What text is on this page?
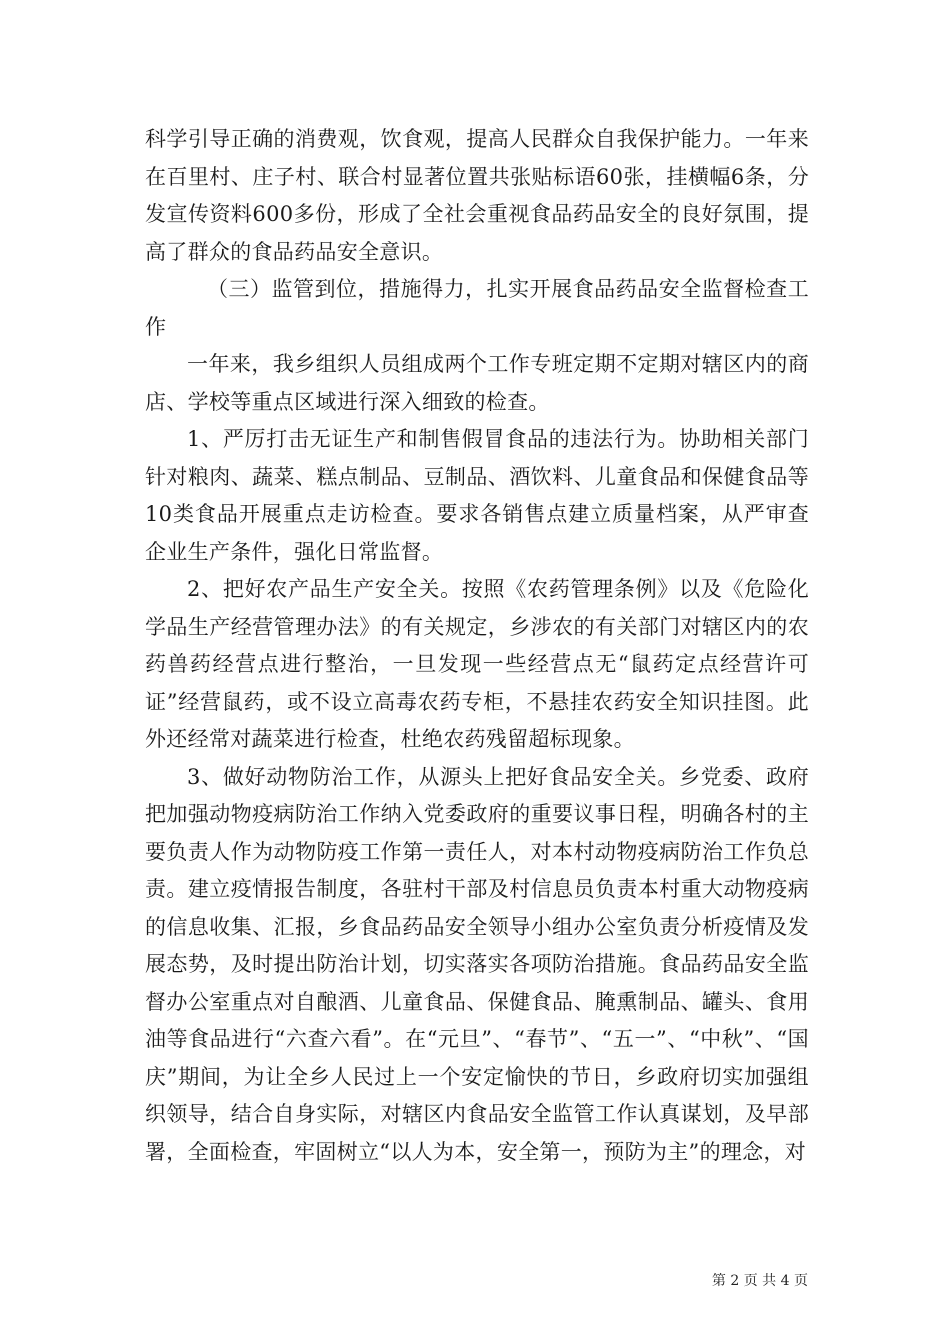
科学引导正确的消费观，饮食观，提高人民群众自我保护能力。一年来在百里村、庄子村、联合村显著位置共张贴标语60张，挂横幅6条，分发宣传资料600多份，形成了全社会重视食品药品安全的良好氛围，提高了群众的食品药品安全意识。

（三）监管到位，措施得力，扎实开展食品药品安全监督检查工作

一年来，我乡组织人员组成两个工作专班定期不定期对辖区内的商店、学校等重点区域进行深入细致的检查。

1、严厉打击无证生产和制售假冒食品的违法行为。协助相关部门针对粮肉、蔬菜、糕点制品、豆制品、酒饮料、儿童食品和保健食品等10类食品开展重点走访检查。要求各销售点建立质量档案，从严审查企业生产条件，强化日常监督。

2、把好农产品生产安全关。按照《农药管理条例》以及《危险化学品生产经营管理办法》的有关规定，乡涉农的有关部门对辖区内的农药兽药经营点进行整治，一旦发现一些经营点无“鼠药定点经营许可证”经营鼠药，或不设立高毒农药专柜，不悬挂农药安全知识挂图。此外还经常对蔬菜进行检查，杜绝农药残留超标现象。

3、做好动物防治工作，从源头上把好食品安全关。乡党委、政府把加强动物疫病防治工作纳入党委政府的重要议事日程，明确各村的主要负责人作为动物防疫工作第一责任人，对本村动物疫病防治工作负总责。建立疫情报告制度，各驻村干部及村信息员负责本村重大动物疫病的信息收集、汇报，乡食品药品安全领导小组办公室负责分析疫情及发展态势，及时提出防治计划，切实落实各项防治措施。食品药品安全监督办公室重点对自酿酒、儿童食品、保健食品、腌熏制品、罐头、食用油等食品进行“六查六看”。在“元旦”、“春节”、“五一”、“中秋”、“国庆”期间，为让全乡人民过上一个安定愉快的节日，乡政府切实加强组织领导，结合自身实际，对辖区内食品安全监管工作认真谋划，及早部署，全面检查，牢固树立“以人为本，安全第一，预防为主”的理念，对

第 2 页 共 4 页
